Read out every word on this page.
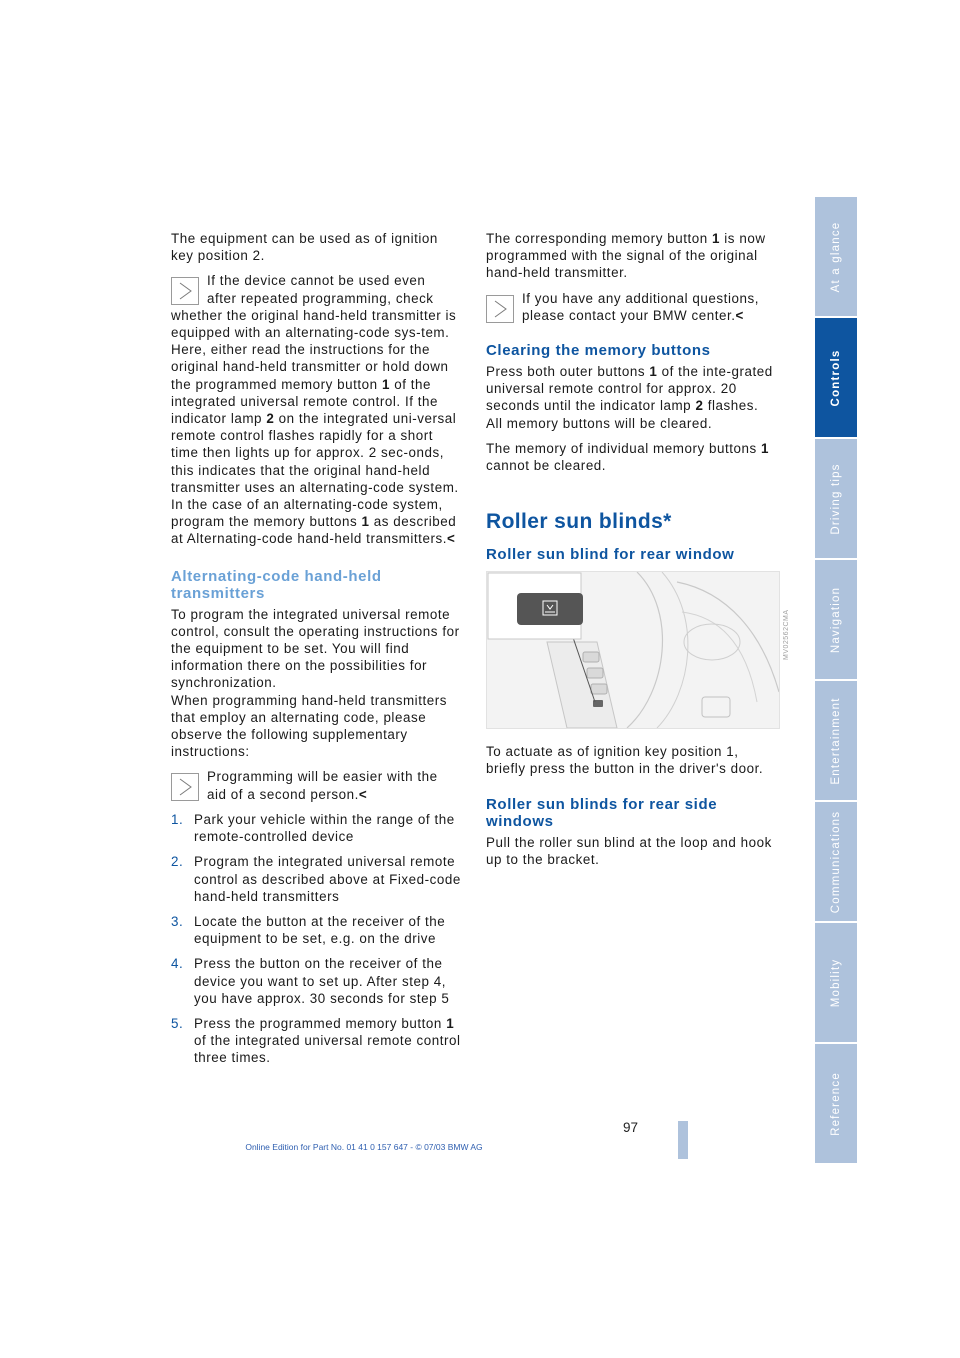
The equipment can be used as of ignition key position 2.

If the device cannot be used even
after repeated programming, check
whether the original hand-held transmitter is equipped with an alternating-code sys-tem. Here, either read the instructions for the original hand-held transmitter or hold down the programmed memory button 1 of the integrated universal remote control. If the indicator lamp 2 on the integrated uni-versal remote control flashes rapidly for a short time then lights up for approx. 2 sec-onds, this indicates that the original hand-held transmitter uses an alternating-code system. In the case of an alternating-code system, program the memory buttons 1 as described at Alternating-code hand-held transmitters.<
Alternating-code hand-held transmitters

To program the integrated universal remote control, consult the operating instructions for the equipment to be set. You will find information there on the possibilities for synchronization.

When programming hand-held transmitters that employ an alternating code, please observe the following supplementary instructions:

Programming will be easier with the
aid of a second person.<
1. Park your vehicle within the range of the remote-controlled device
2. Program the integrated universal remote control as described above at Fixed-code hand-held transmitters
3. Locate the button at the receiver of the equipment to be set, e.g. on the drive
4. Press the button on the receiver of the device you want to set up. After step 4, you have approx. 30 seconds for step 5
5. Press the programmed memory button 1 of the integrated universal remote control three times.

The corresponding memory button 1 is now programmed with the signal of the original hand-held transmitter.

If you have any additional questions,
please contact your BMW center.<
Clearing the memory buttons

Press both outer buttons 1 of the inte-grated universal remote control for approx. 20 seconds until the indicator lamp 2 flashes. All memory buttons will be cleared.

The memory of individual memory buttons 1 cannot be cleared.

Roller sun blinds*
Roller sun blind for rear window

To actuate as of ignition key position 1, briefly press the button in the driver's door.

Roller sun blinds for rear side windows

Pull the roller sun blind at the loop and hook up to the bracket.

MV02562CMA
At a glance
Controls
Driving tips
Navigation
Entertainment
Communications
Mobility
Reference
97
Online Edition for Part No. 01 41 0 157 647 - © 07/03 BMW AG
